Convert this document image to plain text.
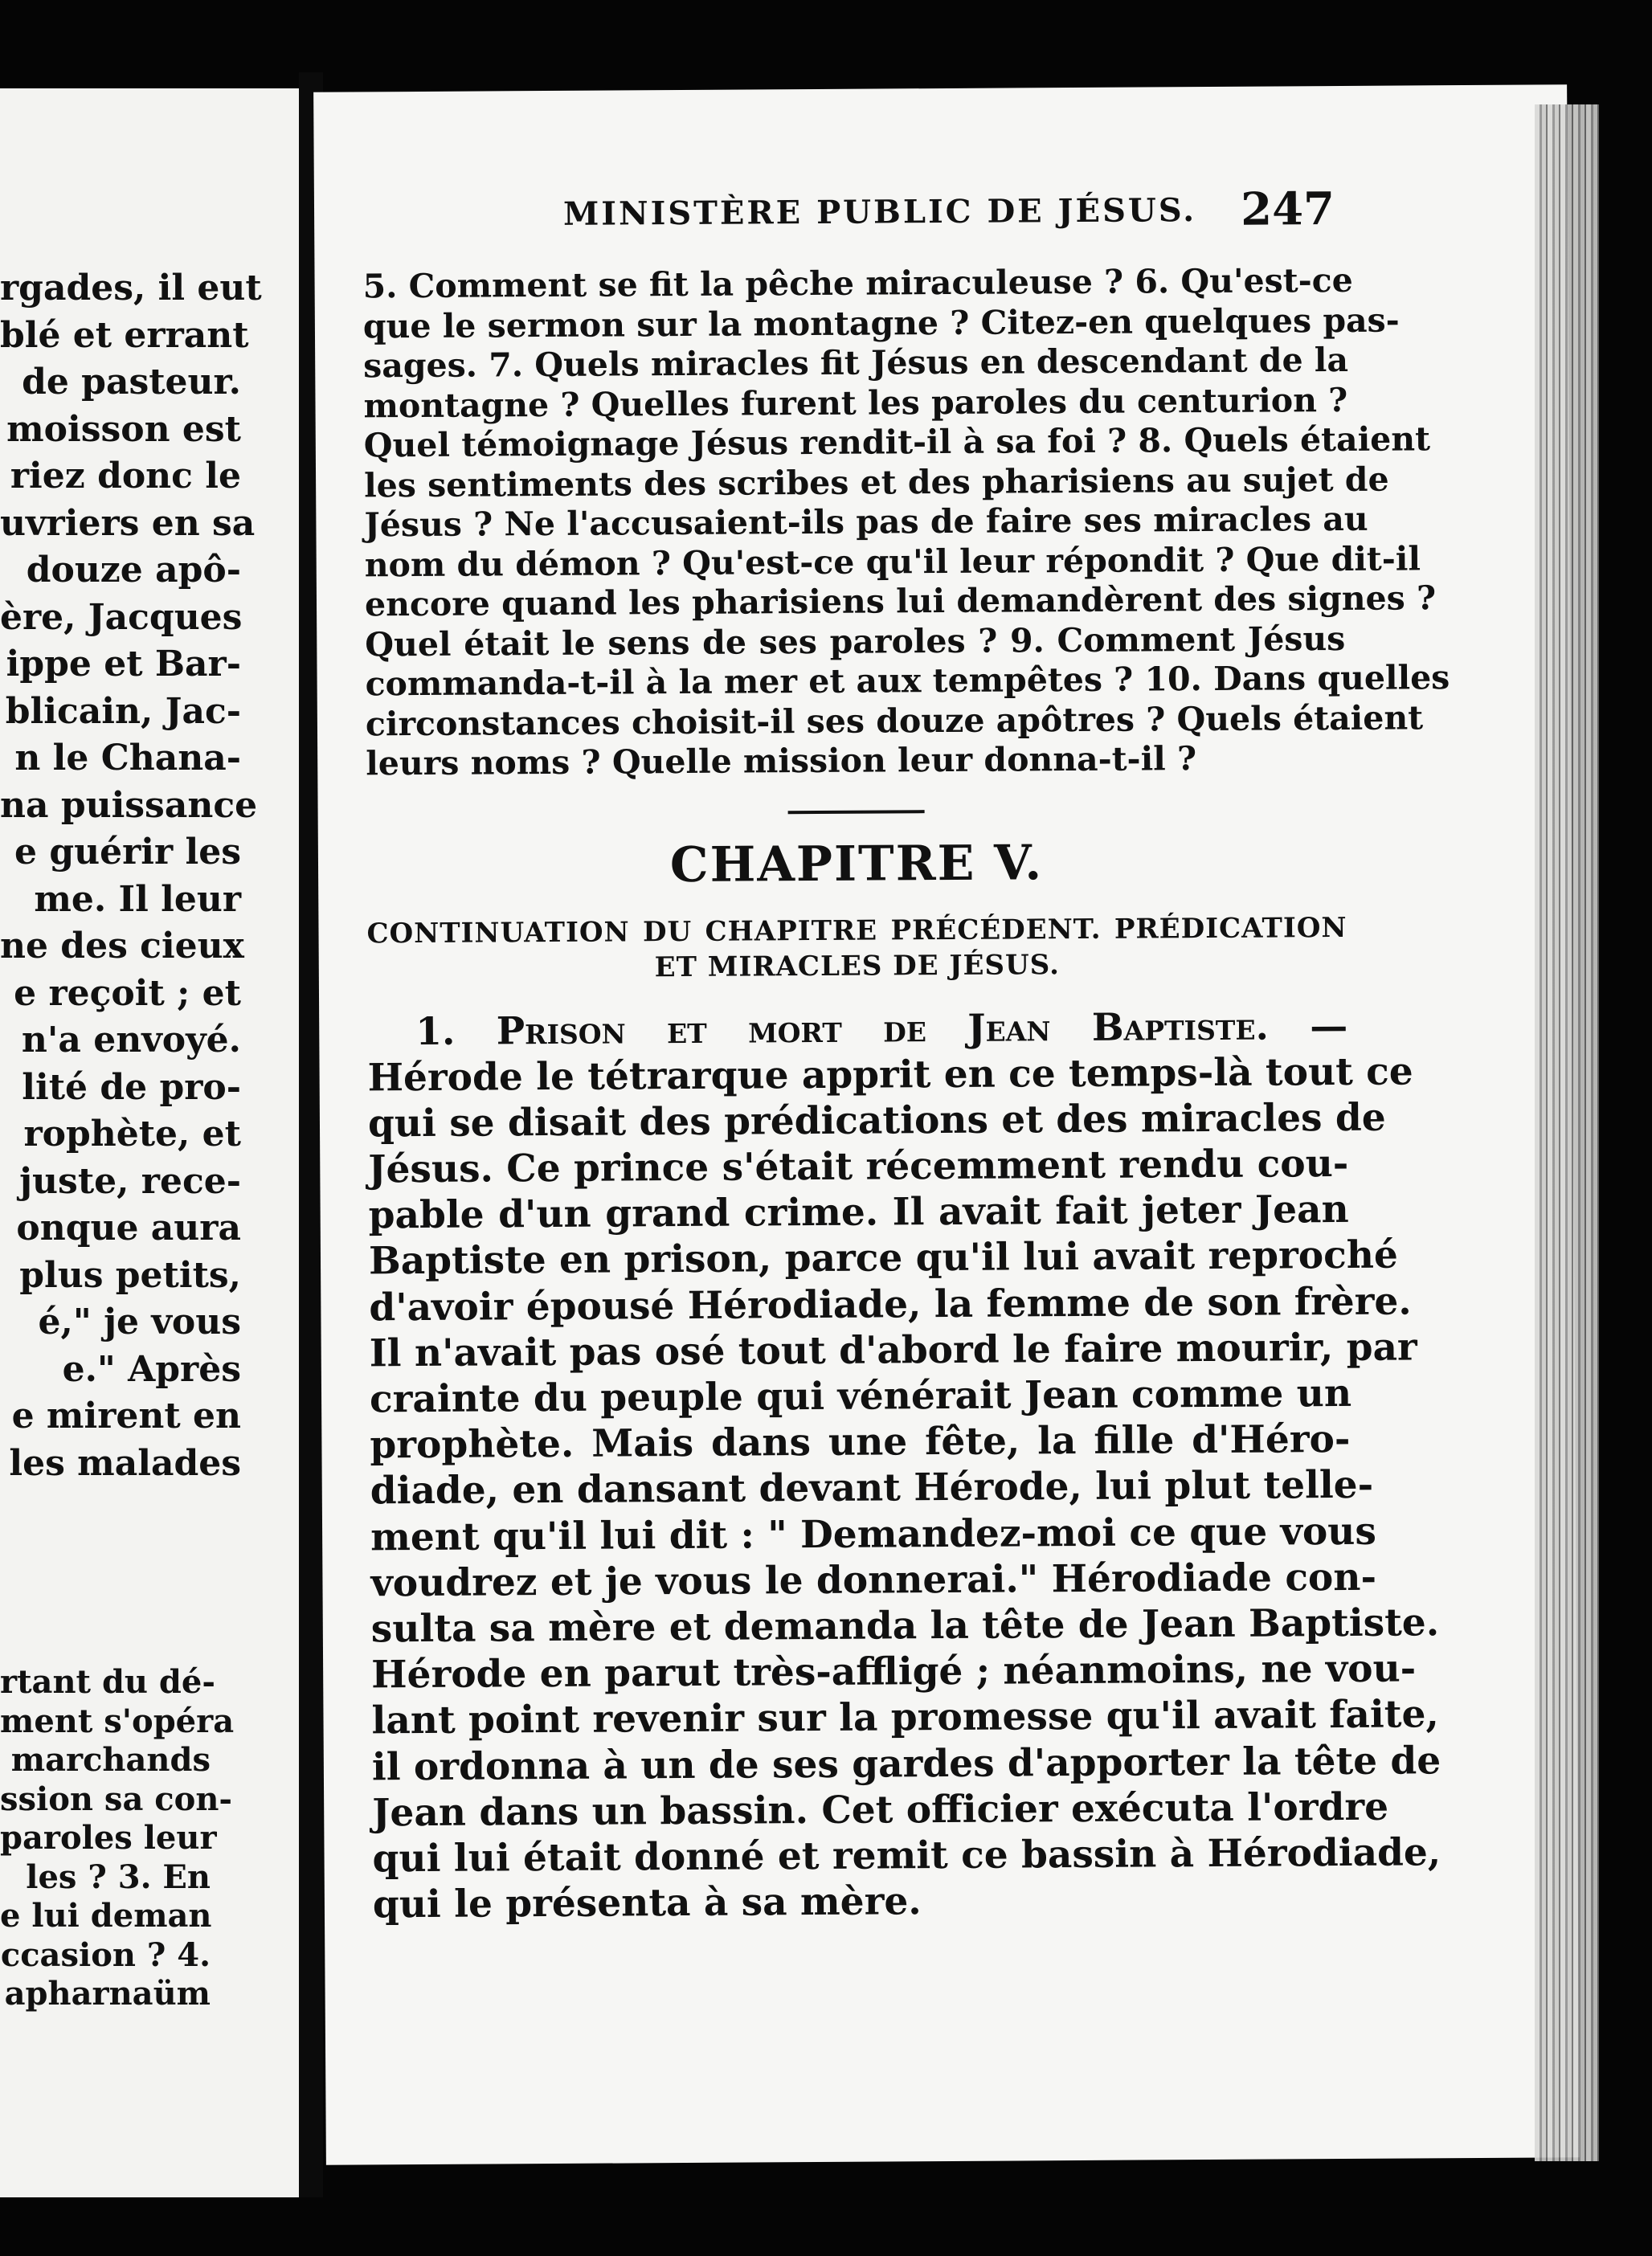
rgades, il eut
blé et errant
de pasteur.
moisson est
riez donc le
uvriers en sa
douze apô-
ère, Jacques
ippe et Bar-
blicain, Jac-
n le Chana-
na puissance
e guérir les
me. Il leur
ne des cieux
e reçoit ; et
n'a envoyé.
lité de pro-
rophète, et
juste, rece-
onque aura
plus petits,
é," je vous
e." Après
e mirent en
les malades
rtant du dé-
ment s'opéra
marchands
ssion sa con-
paroles leur
les ? 3. En
e lui deman
ccasion ? 4.
apharnaüm
MINISTÈRE PUBLIC DE JÉSUS. 247
5. Comment se fit la pêche miraculeuse ? 6. Qu'est-ce
que le sermon sur la montagne ? Citez-en quelques pas-
sages. 7. Quels miracles fit Jésus en descendant de la
montagne ? Quelles furent les paroles du centurion ?
Quel témoignage Jésus rendit-il à sa foi ? 8. Quels étaient
les sentiments des scribes et des pharisiens au sujet de
Jésus ? Ne l'accusaient-ils pas de faire ses miracles au
nom du démon ? Qu'est-ce qu'il leur répondit ? Que dit-il
encore quand les pharisiens lui demandèrent des signes ?
Quel était le sens de ses paroles ? 9. Comment Jésus
commanda-t-il à la mer et aux tempêtes ? 10. Dans quelles
circonstances choisit-il ses douze apôtres ? Quels étaient
leurs noms ? Quelle mission leur donna-t-il ?
CHAPITRE V.
CONTINUATION DU CHAPITRE PRÉCÉDENT. PRÉDICATION
ET MIRACLES DE JÉSUS.
1. Prison et mort de Jean Baptiste. —
Hérode le tétrarque apprit en ce temps-là tout ce
qui se disait des prédications et des miracles de
Jésus. Ce prince s'était récemment rendu cou-
pable d'un grand crime. Il avait fait jeter Jean
Baptiste en prison, parce qu'il lui avait reproché
d'avoir épousé Hérodiade, la femme de son frère.
Il n'avait pas osé tout d'abord le faire mourir, par
crainte du peuple qui vénérait Jean comme un
prophète. Mais dans une fête, la fille d'Héro-
diade, en dansant devant Hérode, lui plut telle-
ment qu'il lui dit : " Demandez-moi ce que vous
voudrez et je vous le donnerai." Hérodiade con-
sulta sa mère et demanda la tête de Jean Baptiste.
Hérode en parut très-affligé ; néanmoins, ne vou-
lant point revenir sur la promesse qu'il avait faite,
il ordonna à un de ses gardes d'apporter la tête de
Jean dans un bassin. Cet officier exécuta l'ordre
qui lui était donné et remit ce bassin à Hérodiade,
qui le présenta à sa mère.
